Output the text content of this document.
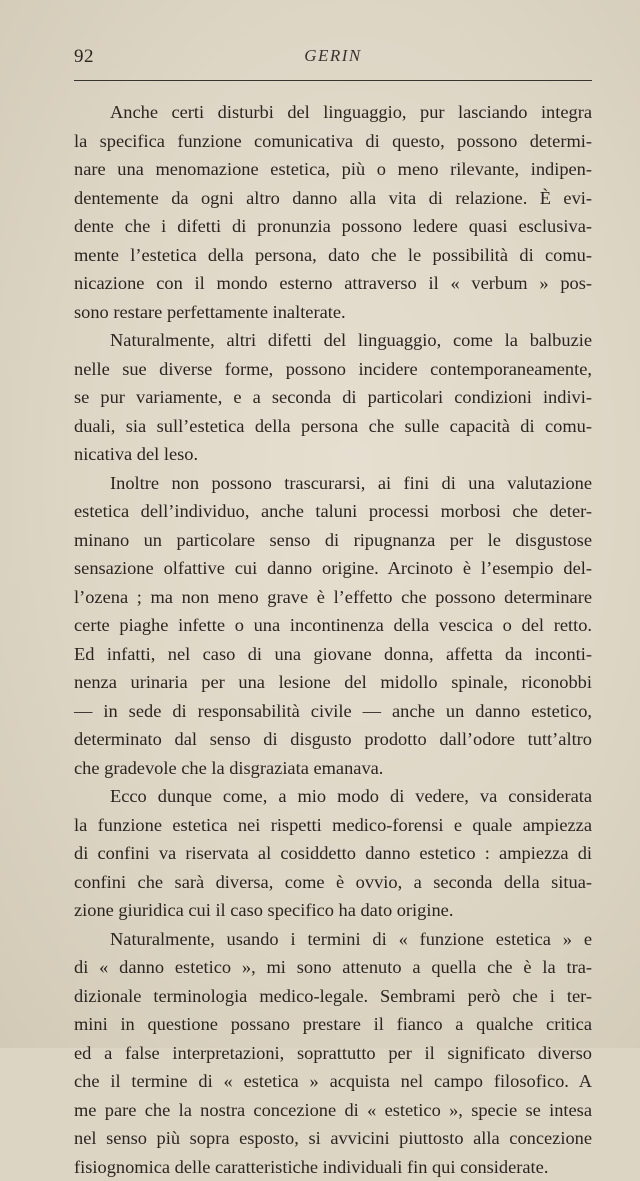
92	GERIN
Anche certi disturbi del linguaggio, pur lasciando integra
la specifica funzione comunicativa di questo, possono determi-
nare una menomazione estetica, più o meno rilevante, indipen-
dentemente da ogni altro danno alla vita di relazione. È evi-
dente che i difetti di pronunzia possono ledere quasi esclusiva-
mente l’estetica della persona, dato che le possibilità di comu-
nicazione con il mondo esterno attraverso il « verbum » pos-
sono restare perfettamente inalterate.
Naturalmente, altri difetti del linguaggio, come la balbuzie
nelle sue diverse forme, possono incidere contemporaneamente,
se pur variamente, e a seconda di particolari condizioni indivi-
duali, sia sull’estetica della persona che sulle capacità di comu-
nicativa del leso.
Inoltre non possono trascurarsi, ai fini di una valutazione
estetica dell’individuo, anche taluni processi morbosi che deter-
minano un particolare senso di ripugnanza per le disgustose
sensazione olfattive cui danno origine. Arcinoto è l’esempio del-
l’ozena ; ma non meno grave è l’effetto che possono determinare
certe piaghe infette o una incontinenza della vescica o del retto.
Ed infatti, nel caso di una giovane donna, affetta da inconti-
nenza urinaria per una lesione del midollo spinale, riconobbi
— in sede di responsabilità civile — anche un danno estetico,
determinato dal senso di disgusto prodotto dall’odore tutt’altro
che gradevole che la disgraziata emanava.
Ecco dunque come, a mio modo di vedere, va considerata
la funzione estetica nei rispetti medico-forensi e quale ampiezza
di confini va riservata al cosiddetto danno estetico : ampiezza di
confini che sarà diversa, come è ovvio, a seconda della situa-
zione giuridica cui il caso specifico ha dato origine.
Naturalmente, usando i termini di « funzione estetica » e
di « danno estetico », mi sono attenuto a quella che è la tra-
dizionale terminologia medico-legale. Sembrami però che i ter-
mini in questione possano prestare il fianco a qualche critica
ed a false interpretazioni, soprattutto per il significato diverso
che il termine di « estetica » acquista nel campo filosofico. A
me pare che la nostra concezione di « estetico », specie se intesa
nel senso più sopra esposto, si avvicini piuttosto alla concezione
fisiognomica delle caratteristiche individuali fin qui considerate.
